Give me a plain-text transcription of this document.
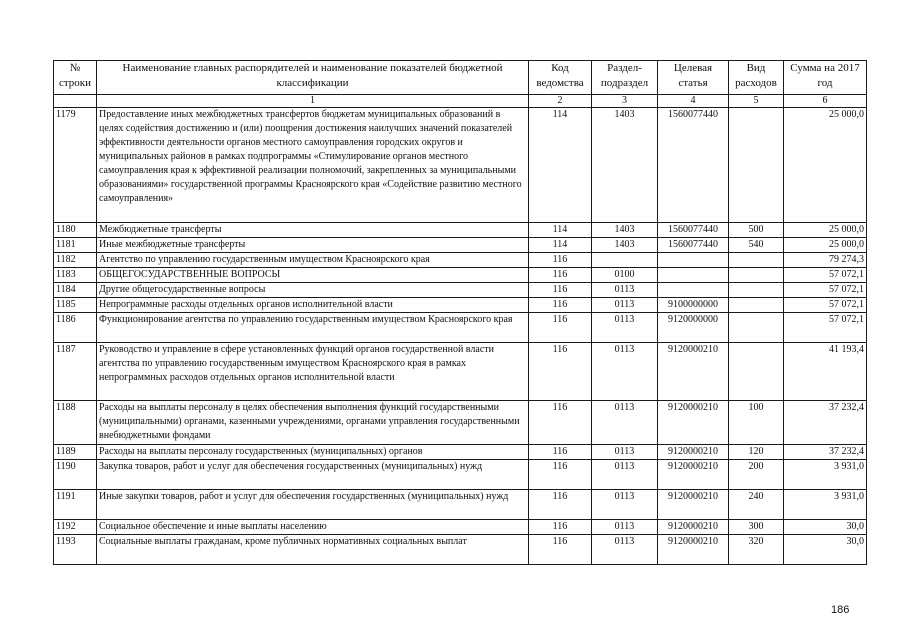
№ строки	Наименование главных распорядителей и наименование показателей бюджетной классификации	Код ведомства	Раздел-подраздел	Целевая статья	Вид расходов	Сумма на 2017 год
	1	2	3	4	5	6
1179	Предоставление иных межбюджетных трансфертов бюджетам муниципальных образований в целях содействия достижению и (или) поощрения достижения наилучших значений показателей эффективности деятельности органов местного самоуправления городских округов и муниципальных районов в рамках подпрограммы «Стимулирование органов местного самоуправления края к эффективной реализации полномочий, закрепленных за муниципальными образованиями» государственной программы Красноярского края «Содействие развитию местного самоуправления»	114	1403	1560077440		25 000,0
1180	Межбюджетные трансферты	114	1403	1560077440	500	25 000,0
1181	Иные межбюджетные трансферты	114	1403	1560077440	540	25 000,0
1182	Агентство по управлению государственным имуществом Красноярского края	116				79 274,3
1183	ОБЩЕГОСУДАРСТВЕННЫЕ ВОПРОСЫ	116	0100			57 072,1
1184	Другие общегосударственные вопросы	116	0113			57 072,1
1185	Непрограммные расходы отдельных органов исполнительной власти	116	0113	9100000000		57 072,1
1186	Функционирование агентства по управлению государственным имуществом Красноярского края	116	0113	9120000000		57 072,1
1187	Руководство и управление в сфере установленных функций органов государственной власти агентства по управлению государственным имуществом Красноярского края в рамках непрограммных расходов отдельных органов исполнительной власти	116	0113	9120000210		41 193,4
1188	Расходы на выплаты персоналу в целях обеспечения выполнения функций государственными (муниципальными) органами, казенными учреждениями, органами управления государственными внебюджетными фондами	116	0113	9120000210	100	37 232,4
1189	Расходы на выплаты персоналу государственных (муниципальных) органов	116	0113	9120000210	120	37 232,4
1190	Закупка товаров, работ и услуг для обеспечения государственных (муниципальных) нужд	116	0113	9120000210	200	3 931,0
1191	Иные закупки товаров, работ и услуг для обеспечения государственных (муниципальных) нужд	116	0113	9120000210	240	3 931,0
1192	Социальное обеспечение и иные выплаты населению	116	0113	9120000210	300	30,0
1193	Социальные выплаты гражданам, кроме публичных нормативных социальных выплат	116	0113	9120000210	320	30,0
186
